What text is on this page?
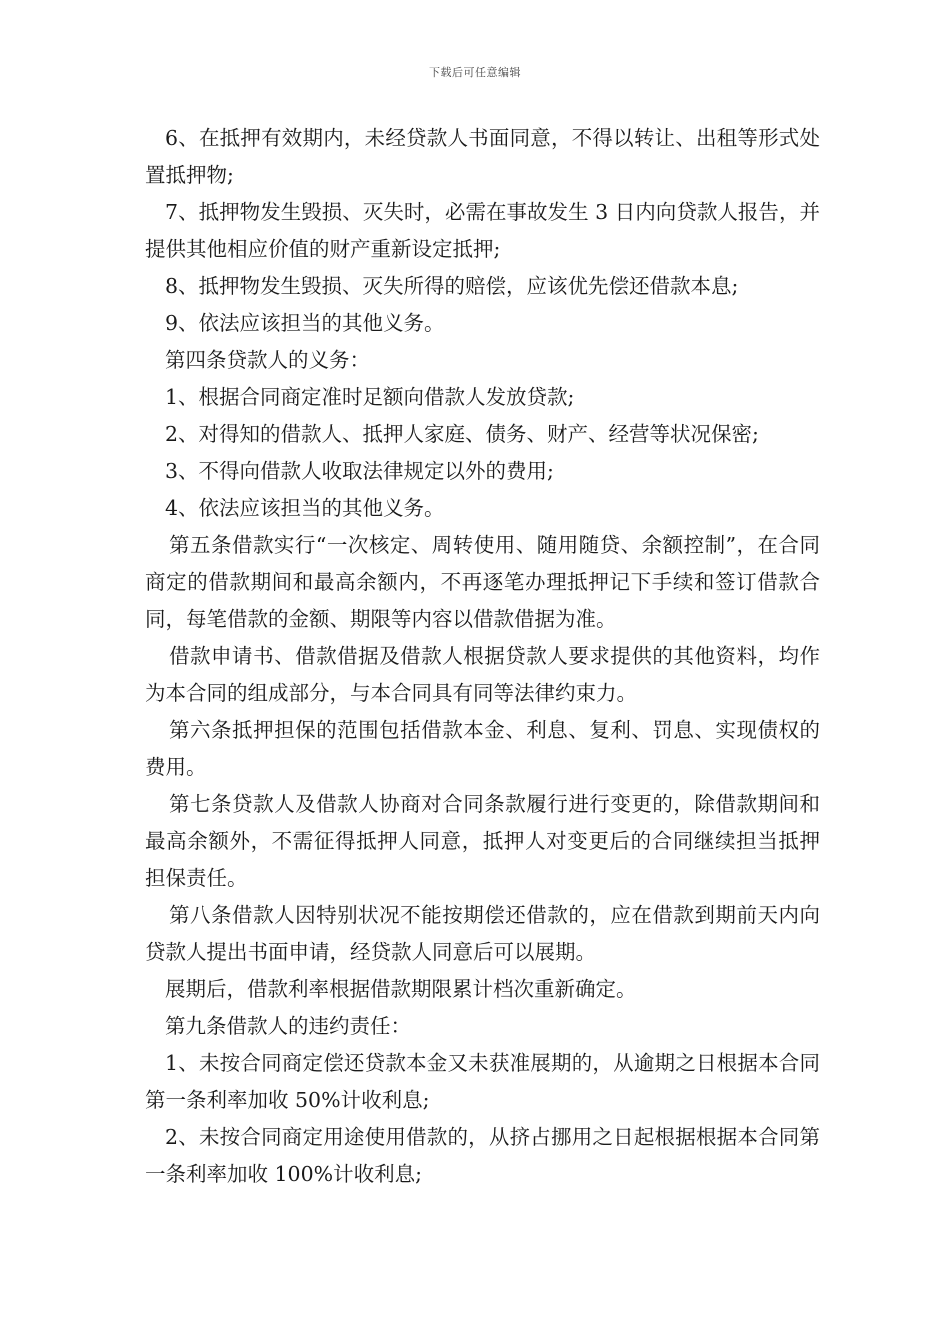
下载后可任意编辑

6、在抵押有效期内，未经贷款人书面同意，不得以转让、出租等形式处置抵押物;

7、抵押物发生毁损、灭失时，必需在事故发生 3 日内向贷款人报告，并提供其他相应价值的财产重新设定抵押;

8、抵押物发生毁损、灭失所得的赔偿，应该优先偿还借款本息;

9、依法应该担当的其他义务。

第四条贷款人的义务：

1、根据合同商定准时足额向借款人发放贷款;

2、对得知的借款人、抵押人家庭、债务、财产、经营等状况保密;

3、不得向借款人收取法律规定以外的费用;

4、依法应该担当的其他义务。

第五条借款实行“一次核定、周转使用、随用随贷、余额控制”，在合同商定的借款期间和最高余额内，不再逐笔办理抵押记下手续和签订借款合同，每笔借款的金额、期限等内容以借款借据为准。

借款申请书、借款借据及借款人根据贷款人要求提供的其他资料，均作为本合同的组成部分，与本合同具有同等法律约束力。

第六条抵押担保的范围包括借款本金、利息、复利、罚息、实现债权的费用。

第七条贷款人及借款人协商对合同条款履行进行变更的，除借款期间和最高余额外，不需征得抵押人同意，抵押人对变更后的合同继续担当抵押担保责任。

第八条借款人因特别状况不能按期偿还借款的，应在借款到期前天内向贷款人提出书面申请，经贷款人同意后可以展期。

展期后，借款利率根据借款期限累计档次重新确定。

第九条借款人的违约责任：

1、未按合同商定偿还贷款本金又未获准展期的，从逾期之日根据本合同第一条利率加收 50%计收利息;

2、未按合同商定用途使用借款的，从挤占挪用之日起根据根据本合同第一条利率加收 100%计收利息;
